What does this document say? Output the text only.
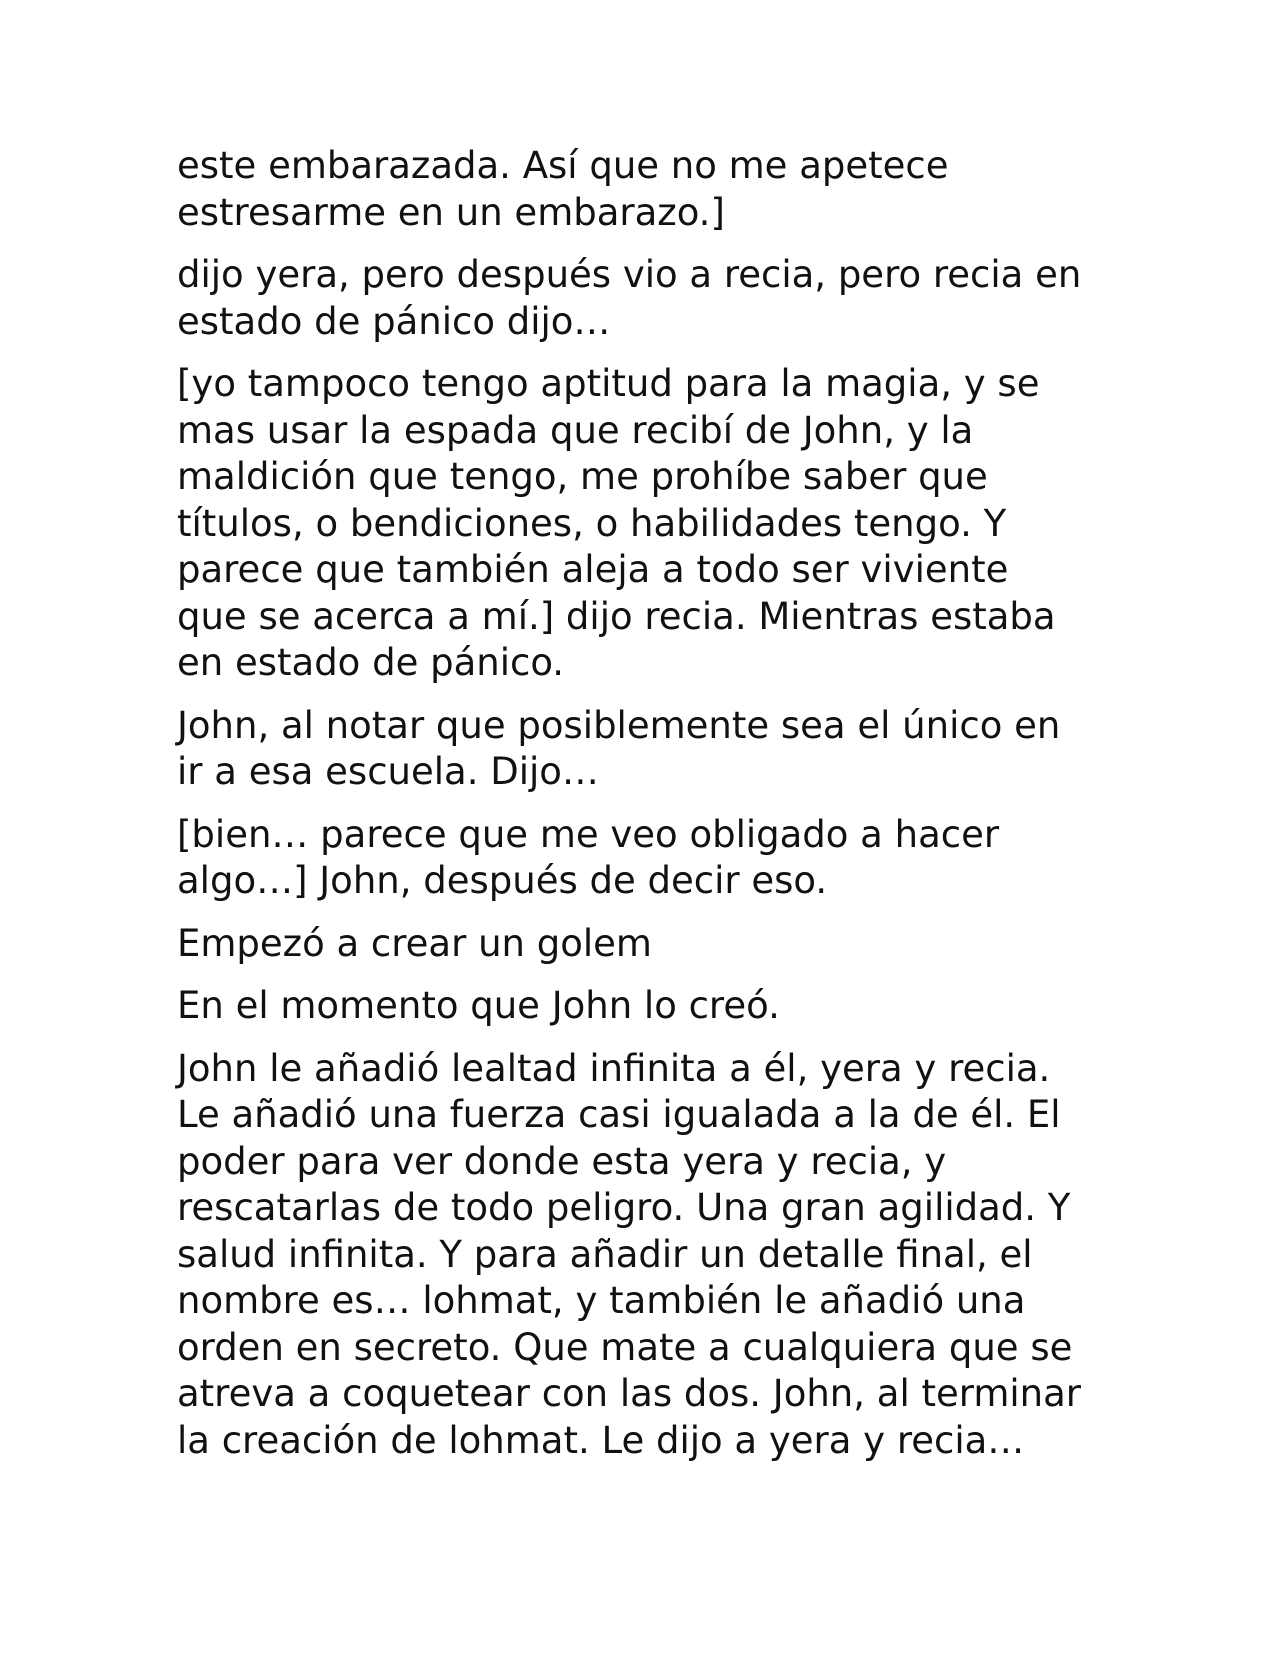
este embarazada. Así que no me apetece
estresarme en un embarazo.]

dijo yera, pero después vio a recia, pero recia en
estado de pánico dijo…

[yo tampoco tengo aptitud para la magia, y se
mas usar la espada que recibí de John, y la
maldición que tengo, me prohíbe saber que
títulos, o bendiciones, o habilidades tengo. Y
parece que también aleja a todo ser viviente
que se acerca a mí.] dijo recia. Mientras estaba
en estado de pánico.

John, al notar que posiblemente sea el único en
ir a esa escuela. Dijo…

[bien… parece que me veo obligado a hacer
algo…] John, después de decir eso.

Empezó a crear un golem

En el momento que John lo creó.

John le añadió lealtad infinita a él, yera y recia.
Le añadió una fuerza casi igualada a la de él. El
poder para ver donde esta yera y recia, y
rescatarlas de todo peligro. Una gran agilidad. Y
salud infinita. Y para añadir un detalle final, el
nombre es… lohmat, y también le añadió una
orden en secreto. Que mate a cualquiera que se
atreva a coquetear con las dos. John, al terminar
la creación de lohmat. Le dijo a yera y recia…
